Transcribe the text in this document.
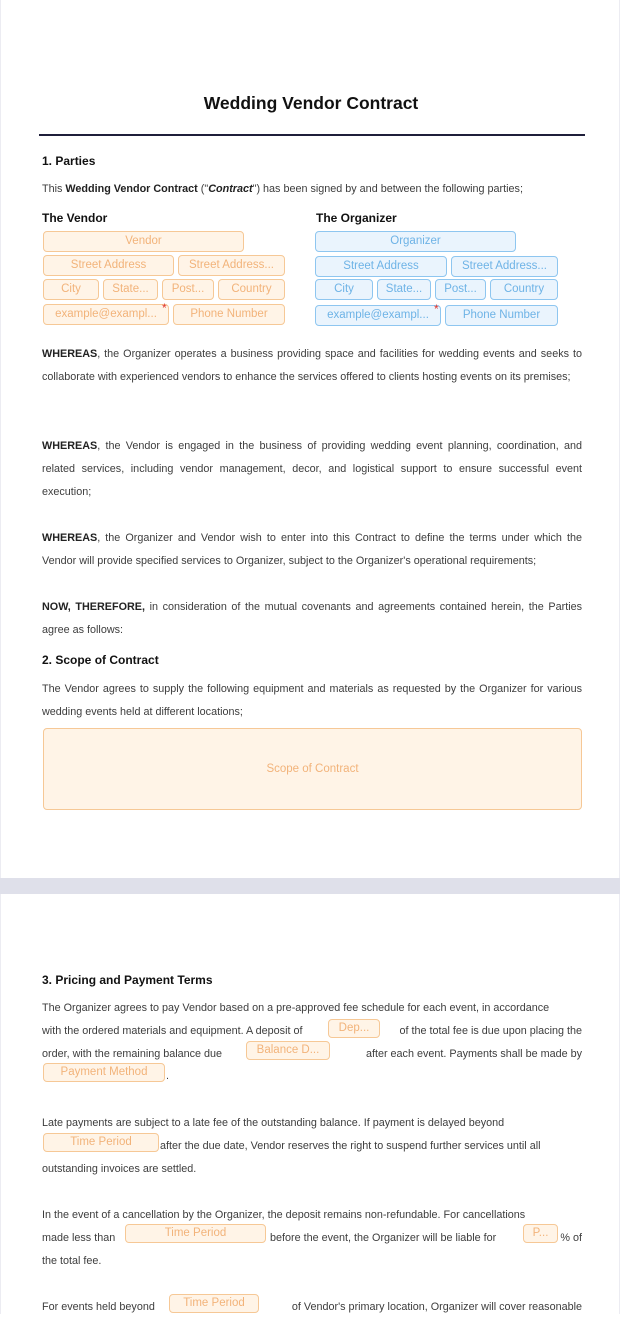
Wedding Vendor Contract
1. Parties
This Wedding Vendor Contract ("Contract") has been signed by and between the following parties;
The Vendor
Vendor
Street Address	Street Address...
City	State...	Post...	Country
example@exampl... *	Phone Number
The Organizer
Organizer
Street Address	Street Address...
City	State...	Post...	Country
example@exampl... *	Phone Number
WHEREAS, the Organizer operates a business providing space and facilities for wedding events and seeks to collaborate with experienced vendors to enhance the services offered to clients hosting events on its premises;
WHEREAS, the Vendor is engaged in the business of providing wedding event planning, coordination, and related services, including vendor management, decor, and logistical support to ensure successful event execution;
WHEREAS, the Organizer and Vendor wish to enter into this Contract to define the terms under which the Vendor will provide specified services to Organizer, subject to the Organizer's operational requirements;
NOW, THEREFORE, in consideration of the mutual covenants and agreements contained herein, the Parties agree as follows:
2. Scope of Contract
The Vendor agrees to supply the following equipment and materials as requested by the Organizer for various wedding events held at different locations;
Scope of Contract
3. Pricing and Payment Terms
The Organizer agrees to pay Vendor based on a pre-approved fee schedule for each event, in accordance
with the ordered materials and equipment. A deposit of	Dep...	of the total fee is due upon placing the
order, with the remaining balance due	Balance D...	after each event. Payments shall be made by
Payment Method	.
Late payments are subject to a late fee of the outstanding balance. If payment is delayed beyond
Time Period	after the due date, Vendor reserves the right to suspend further services until all
outstanding invoices are settled.
In the event of a cancellation by the Organizer, the deposit remains non-refundable. For cancellations
made less than	Time Period	before the event, the Organizer will be liable for	P...	% of
the total fee.
For events held beyond	Time Period	of Vendor's primary location, Organizer will cover reasonable
